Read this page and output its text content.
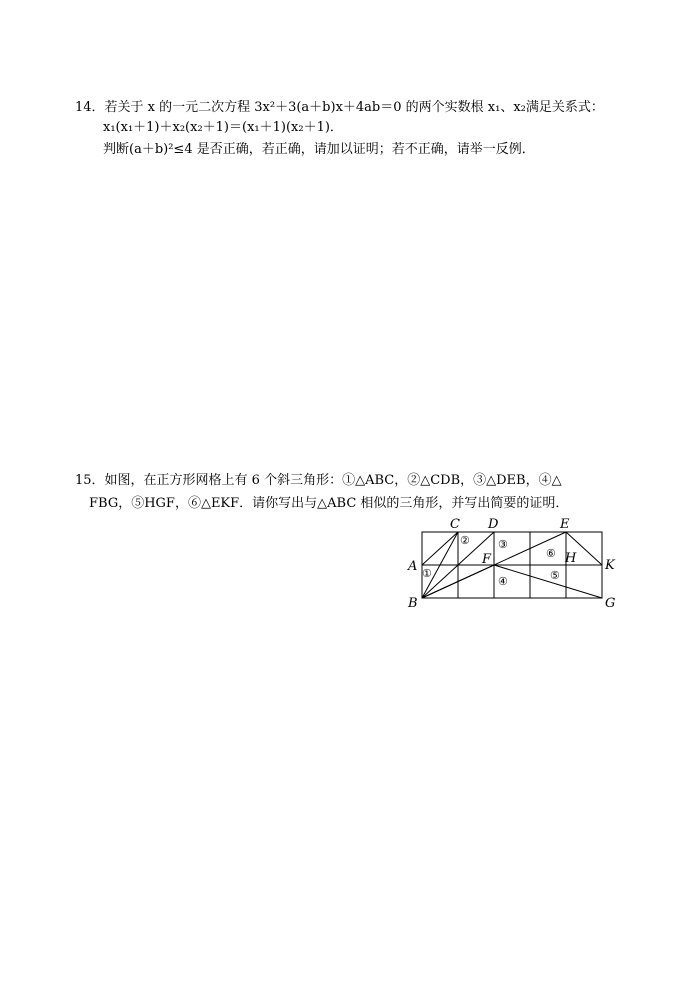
14．若关于 x 的一元二次方程 3x²＋3(a＋b)x＋4ab＝0 的两个实数根 x₁、x₂满足关系式：
x₁(x₁＋1)＋x₂(x₂＋1)＝(x₁＋1)(x₂＋1)．
判断(a＋b)²≤4 是否正确，若正确，请加以证明；若不正确，请举一反例．
15．如图，在正方形网格上有 6 个斜三角形：①△ABC，②△CDB，③△DEB，④△
FBG，⑤HGF，⑥△EKF．请你写出与△ABC 相似的三角形，并写出简要的证明．
C D	E
A
B
F	H K
G
①
②	③
④	⑤
⑥
